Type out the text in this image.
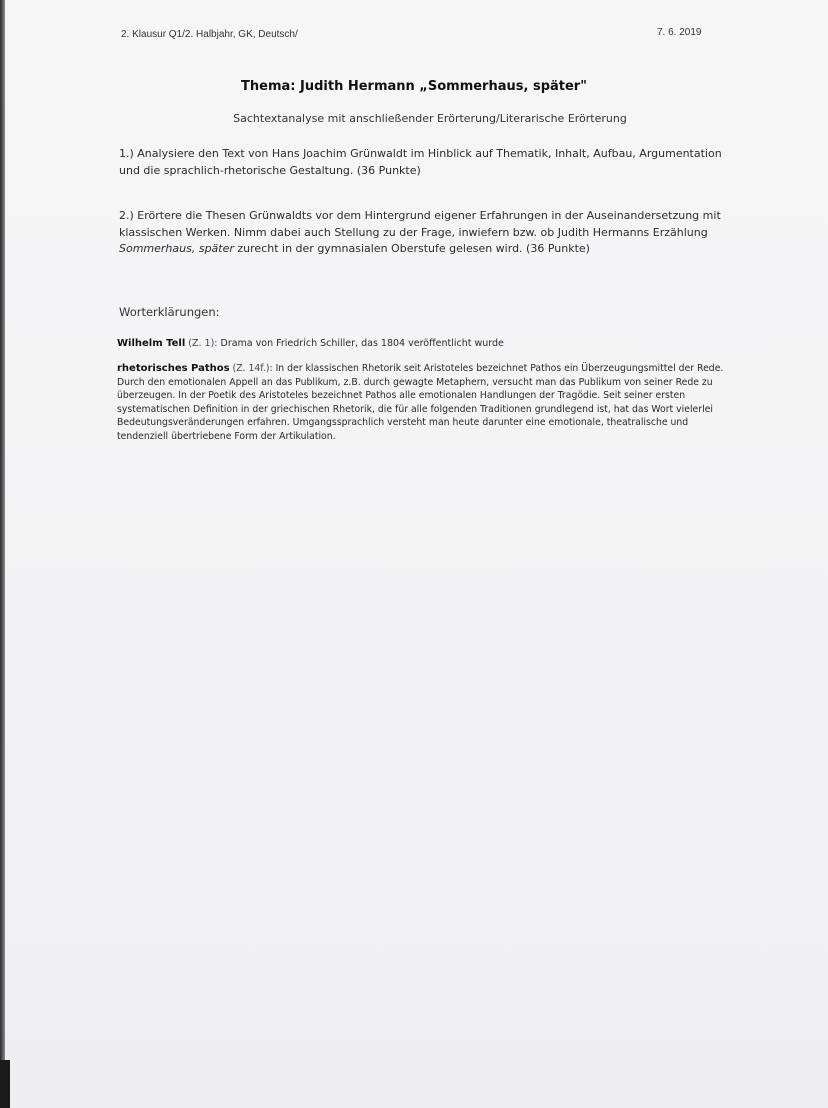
2. Klausur Q1/2. Halbjahr, GK, Deutsch/	7. 6. 2019
Thema: Judith Hermann „Sommerhaus, später"
Sachtextanalyse mit anschließender Erörterung/Literarische Erörterung
1.) Analysiere den Text von Hans Joachim Grünwaldt im Hinblick auf Thematik, Inhalt, Aufbau, Argumentation und die sprachlich-rhetorische Gestaltung. (36 Punkte)
2.) Erörtere die Thesen Grünwaldts vor dem Hintergrund eigener Erfahrungen in der Auseinandersetzung mit klassischen Werken. Nimm dabei auch Stellung zu der Frage, inwiefern bzw. ob Judith Hermanns Erzählung Sommerhaus, später zurecht in der gymnasialen Oberstufe gelesen wird. (36 Punkte)
Worterklärungen:
Wilhelm Tell (Z. 1): Drama von Friedrich Schiller, das 1804 veröffentlicht wurde
rhetorisches Pathos (Z. 14f.): In der klassischen Rhetorik seit Aristoteles bezeichnet Pathos ein Überzeugungsmittel der Rede. Durch den emotionalen Appell an das Publikum, z.B. durch gewagte Metaphern, versucht man das Publikum von seiner Rede zu überzeugen. In der Poetik des Aristoteles bezeichnet Pathos alle emotionalen Handlungen der Tragödie. Seit seiner ersten systematischen Definition in der griechischen Rhetorik, die für alle folgenden Traditionen grundlegend ist, hat das Wort vielerlei Bedeutungsveränderungen erfahren. Umgangssprachlich versteht man heute darunter eine emotionale, theatralische und tendenziell übertriebene Form der Artikulation.
